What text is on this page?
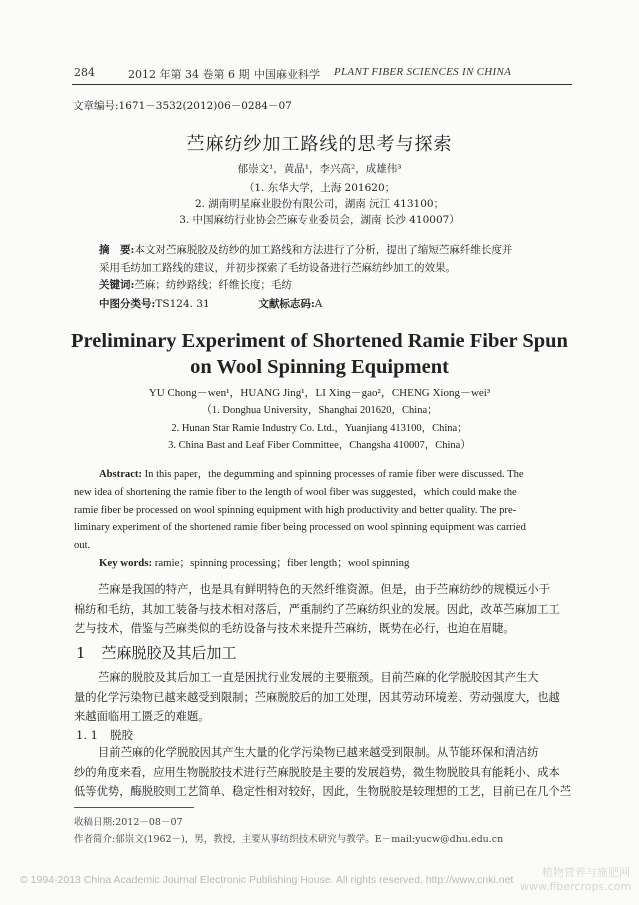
284	2012 年第 34 卷第 6 期 中国麻业科学 PLANT FIBER SCIENCES IN CHINA
文章编号:1671－3532(2012)06－0284－07
苎麻纺纱加工路线的思考与探索
郁崇文¹，黄晶¹，李兴高²，成雄伟³
（1. 东华大学，上海 201620；
2. 湖南明星麻业股份有限公司，湖南 沅江 413100；
3. 中国麻纺行业协会苎麻专业委员会，湖南 长沙 410007）
摘　要:本文对苎麻脱胶及纺纱的加工路线和方法进行了分析，提出了缩短苎麻纤维长度并
采用毛纺加工路线的建议，并初步探索了毛纺设备进行苎麻纺纱加工的效果。
关键词:苎麻；纺纱路线；纤维长度；毛纺
中图分类号:TS124. 31	文献标志码:A
Preliminary Experiment of Shortened Ramie Fiber Spun
on Wool Spinning Equipment
YU Chong－wen¹，HUANG Jing¹，LI Xing－gao²，CHENG Xiong－wei³
（1. Donghua University，Shanghai 201620，China；
2. Hunan Star Ramie Industry Co. Ltd.，Yuanjiang 413100，China；
3. China Bast and Leaf Fiber Committee，Changsha 410007，China）
Abstract: In this paper，the degumming and spinning processes of ramie fiber were discussed. The
new idea of shortening the ramie fiber to the length of wool fiber was suggested，which could make the
ramie fiber be processed on wool spinning equipment with high productivity and better quality. The pre-
liminary experiment of the shortened ramie fiber being processed on wool spinning equipment was carried
out.
Key words: ramie；spinning processing；fiber length；wool spinning
苎麻是我国的特产，也是具有鲜明特色的天然纤维资源。但是，由于苎麻纺纱的规模远小于
棉纺和毛纺，其加工装备与技术相对落后，严重制约了苎麻纺织业的发展。因此，改革苎麻加工工
艺与技术，借鉴与苎麻类似的毛纺设备与技术来提升苎麻纺，既势在必行，也迫在眉睫。
1 苎麻脱胶及其后加工
苎麻的脱胶及其后加工一直是困扰行业发展的主要瓶颈。目前苎麻的化学脱胶因其产生大
量的化学污染物已越来越受到限制；苎麻脱胶后的加工处理，因其劳动环境差、劳动强度大，也越
来越面临用工匮乏的难题。
1. 1 脱胶
目前苎麻的化学脱胶因其产生大量的化学污染物已越来越受到限制。从节能环保和清洁纺
纱的角度来看，应用生物脱胶技术进行苎麻脱胶是主要的发展趋势，微生物脱胶具有能耗小、成本
低等优势，酶脱胶则工艺简单、稳定性相对较好，因此，生物脱胶是较理想的工艺，目前已在几个苎
收稿日期:2012－08－07
作者简介:郁崇文(1962－)，男，教授，主要从事纺织技术研究与教学。E－mail:yucw@dhu.edu.cn
© 1994-2013 China Academic Journal Electronic Publishing House. All rights reserved. http://www.cnki.net
植物营养与施肥网
www.fibercrops.com
